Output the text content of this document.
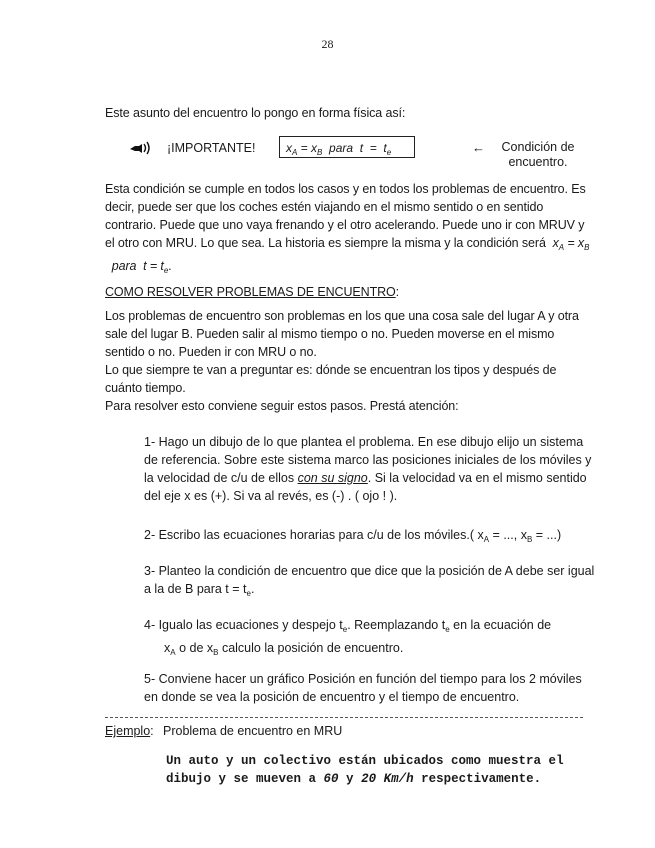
28
Este asunto del encuentro lo pongo en forma física así:
¡IMPORTANTE!	$x_A = x_B$  para  $t = t_e$	←	Condición de encuentro.
Esta condición se cumple en todos los casos y en todos los problemas de encuentro. Es decir, puede ser que los coches estén viajando en el mismo sentido o en sentido contrario. Puede que uno vaya frenando y el otro acelerando. Puede uno ir con MRUV y el otro con MRU. Lo que sea. La historia es siempre la misma y la condición será  $x_A = x_B$  para  $t = t_e$.
COMO RESOLVER PROBLEMAS DE ENCUENTRO:
Los problemas de encuentro son problemas en los que una cosa sale del lugar A y otra sale del lugar B. Pueden salir al mismo tiempo o no. Pueden moverse en el mismo sentido o no. Pueden ir con MRU o no.
Lo que siempre te van a preguntar es: dónde se encuentran los tipos y después de cuánto tiempo.
Para resolver esto conviene seguir estos pasos. Prestá atención:
1- Hago un dibujo de lo que plantea el problema. En ese dibujo elijo un sistema de referencia. Sobre este sistema marco las posiciones iniciales de los móviles y la velocidad de c/u de ellos con su signo. Si la velocidad va en el mismo sentido del eje x es (+). Si va al revés, es (-) . ( ojo ! ).
2- Escribo las ecuaciones horarias para c/u de los móviles.( $x_A$ = ..., $x_B$ = ...)
3- Planteo la condición de encuentro que dice que la posición de A debe ser igual a la de B para $t = t_e$.
4- Igualo las ecuaciones y despejo $t_e$. Reemplazando $t_e$ en la ecuación de
$x_A$ o de $x_B$ calculo la posición de encuentro.
5- Conviene hacer un gráfico Posición en función del tiempo para los 2 móviles en donde se vea la posición de encuentro y el tiempo de encuentro.
Ejemplo: Problema de encuentro en MRU
Un auto y un colectivo están ubicados como muestra el dibujo y se mueven a 60 y 20 Km/h respectivamente.
